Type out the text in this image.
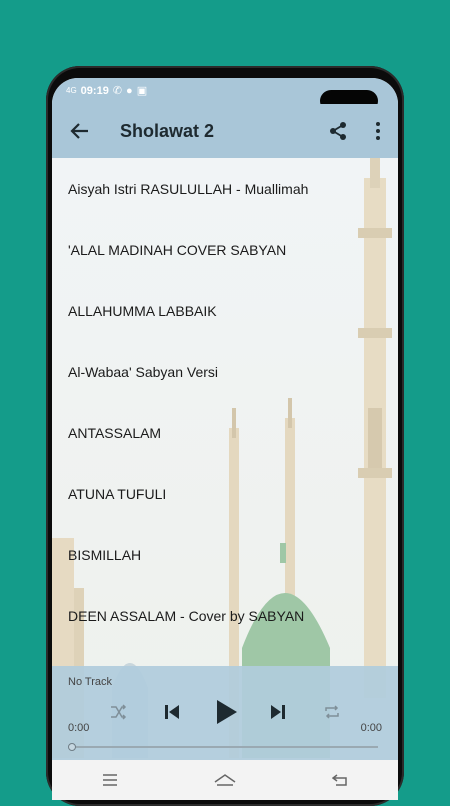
4G 09:19 ✆ ● ▣
Sholawat 2
Aisyah Istri RASULULLAH - Muallimah
'ALAL MADINAH COVER SABYAN
ALLAHUMMA LABBAIK
Al-Wabaa' Sabyan Versi
ANTASSALAM
ATUNA TUFULI
BISMILLAH
DEEN ASSALAM - Cover by SABYAN
No Track
0:00	0:00
